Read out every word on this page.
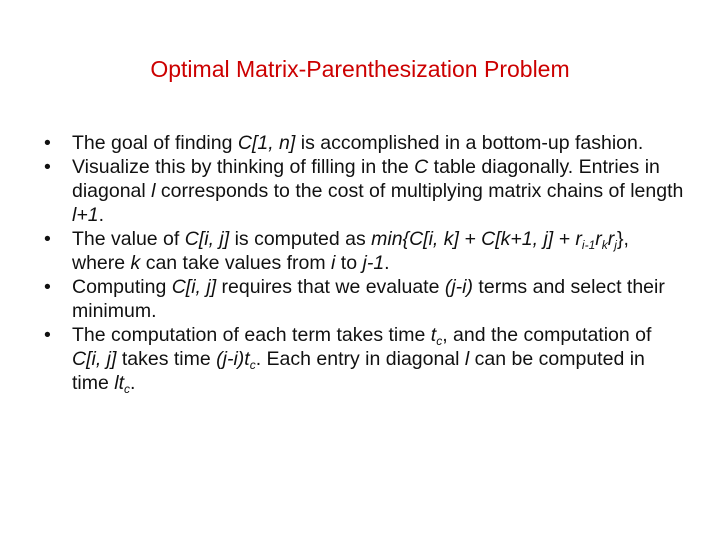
Optimal Matrix-Parenthesization Problem
•	The goal of finding C[1, n] is accomplished in a bottom-up fashion.
•	Visualize this by thinking of filling in the C table diagonally. Entries in diagonal l corresponds to the cost of multiplying matrix chains of length l+1.
•	The value of C[i, j] is computed as min{C[i, k] + C[k+1, $j] + r_{i-1}r_kr_j$}, where k can take values from i to j-1.
•	Computing C[i, j] requires that we evaluate (j-i) terms and select their minimum.
•	The computation of each term takes time $t_c$, and the computation of C[i, j] takes time $(j-i)t_c$. Each entry in diagonal l can be computed in time $lt_c$.
